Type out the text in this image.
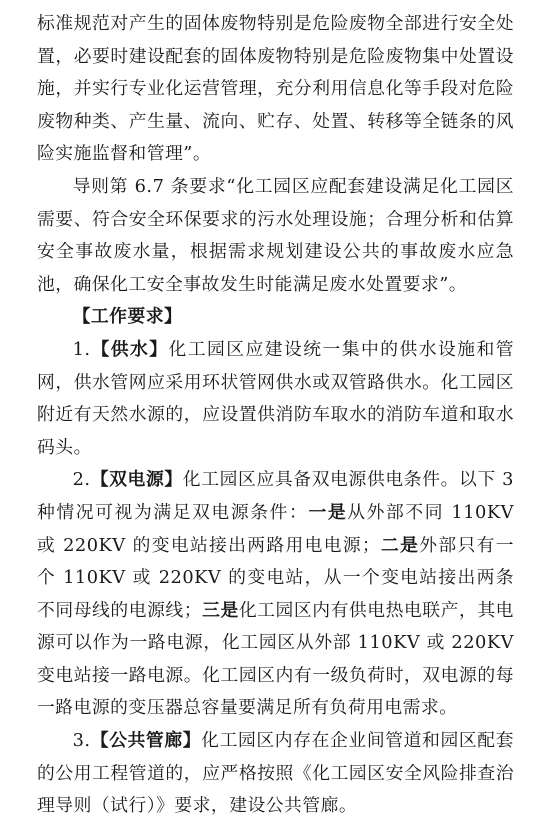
标准规范对产生的固体废物特别是危险废物全部进行安全处置，必要时建设配套的固体废物特别是危险废物集中处置设施，并实行专业化运营管理，充分利用信息化等手段对危险废物种类、产生量、流向、贮存、处置、转移等全链条的风险实施监督和管理”。

导则第 6.7 条要求“化工园区应配套建设满足化工园区需要、符合安全环保要求的污水处理设施；合理分析和估算安全事故废水量，根据需求规划建设公共的事故废水应急池，确保化工安全事故发生时能满足废水处置要求”。

【工作要求】

1.【供水】化工园区应建设统一集中的供水设施和管网，供水管网应采用环状管网供水或双管路供水。化工园区附近有天然水源的，应设置供消防车取水的消防车道和取水码头。

2.【双电源】化工园区应具备双电源供电条件。以下 3 种情况可视为满足双电源条件：一是从外部不同 110KV 或 220KV 的变电站接出两路用电电源；二是外部只有一个 110KV 或 220KV 的变电站，从一个变电站接出两条不同母线的电源线；三是化工园区内有供电热电联产，其电源可以作为一路电源，化工园区从外部 110KV 或 220KV 变电站接一路电源。化工园区内有一级负荷时，双电源的每一路电源的变压器总容量要满足所有负荷用电需求。

3.【公共管廊】化工园区内存在企业间管道和园区配套的公用工程管道的，应严格按照《化工园区安全风险排查治理导则（试行）》要求，建设公共管廊。
